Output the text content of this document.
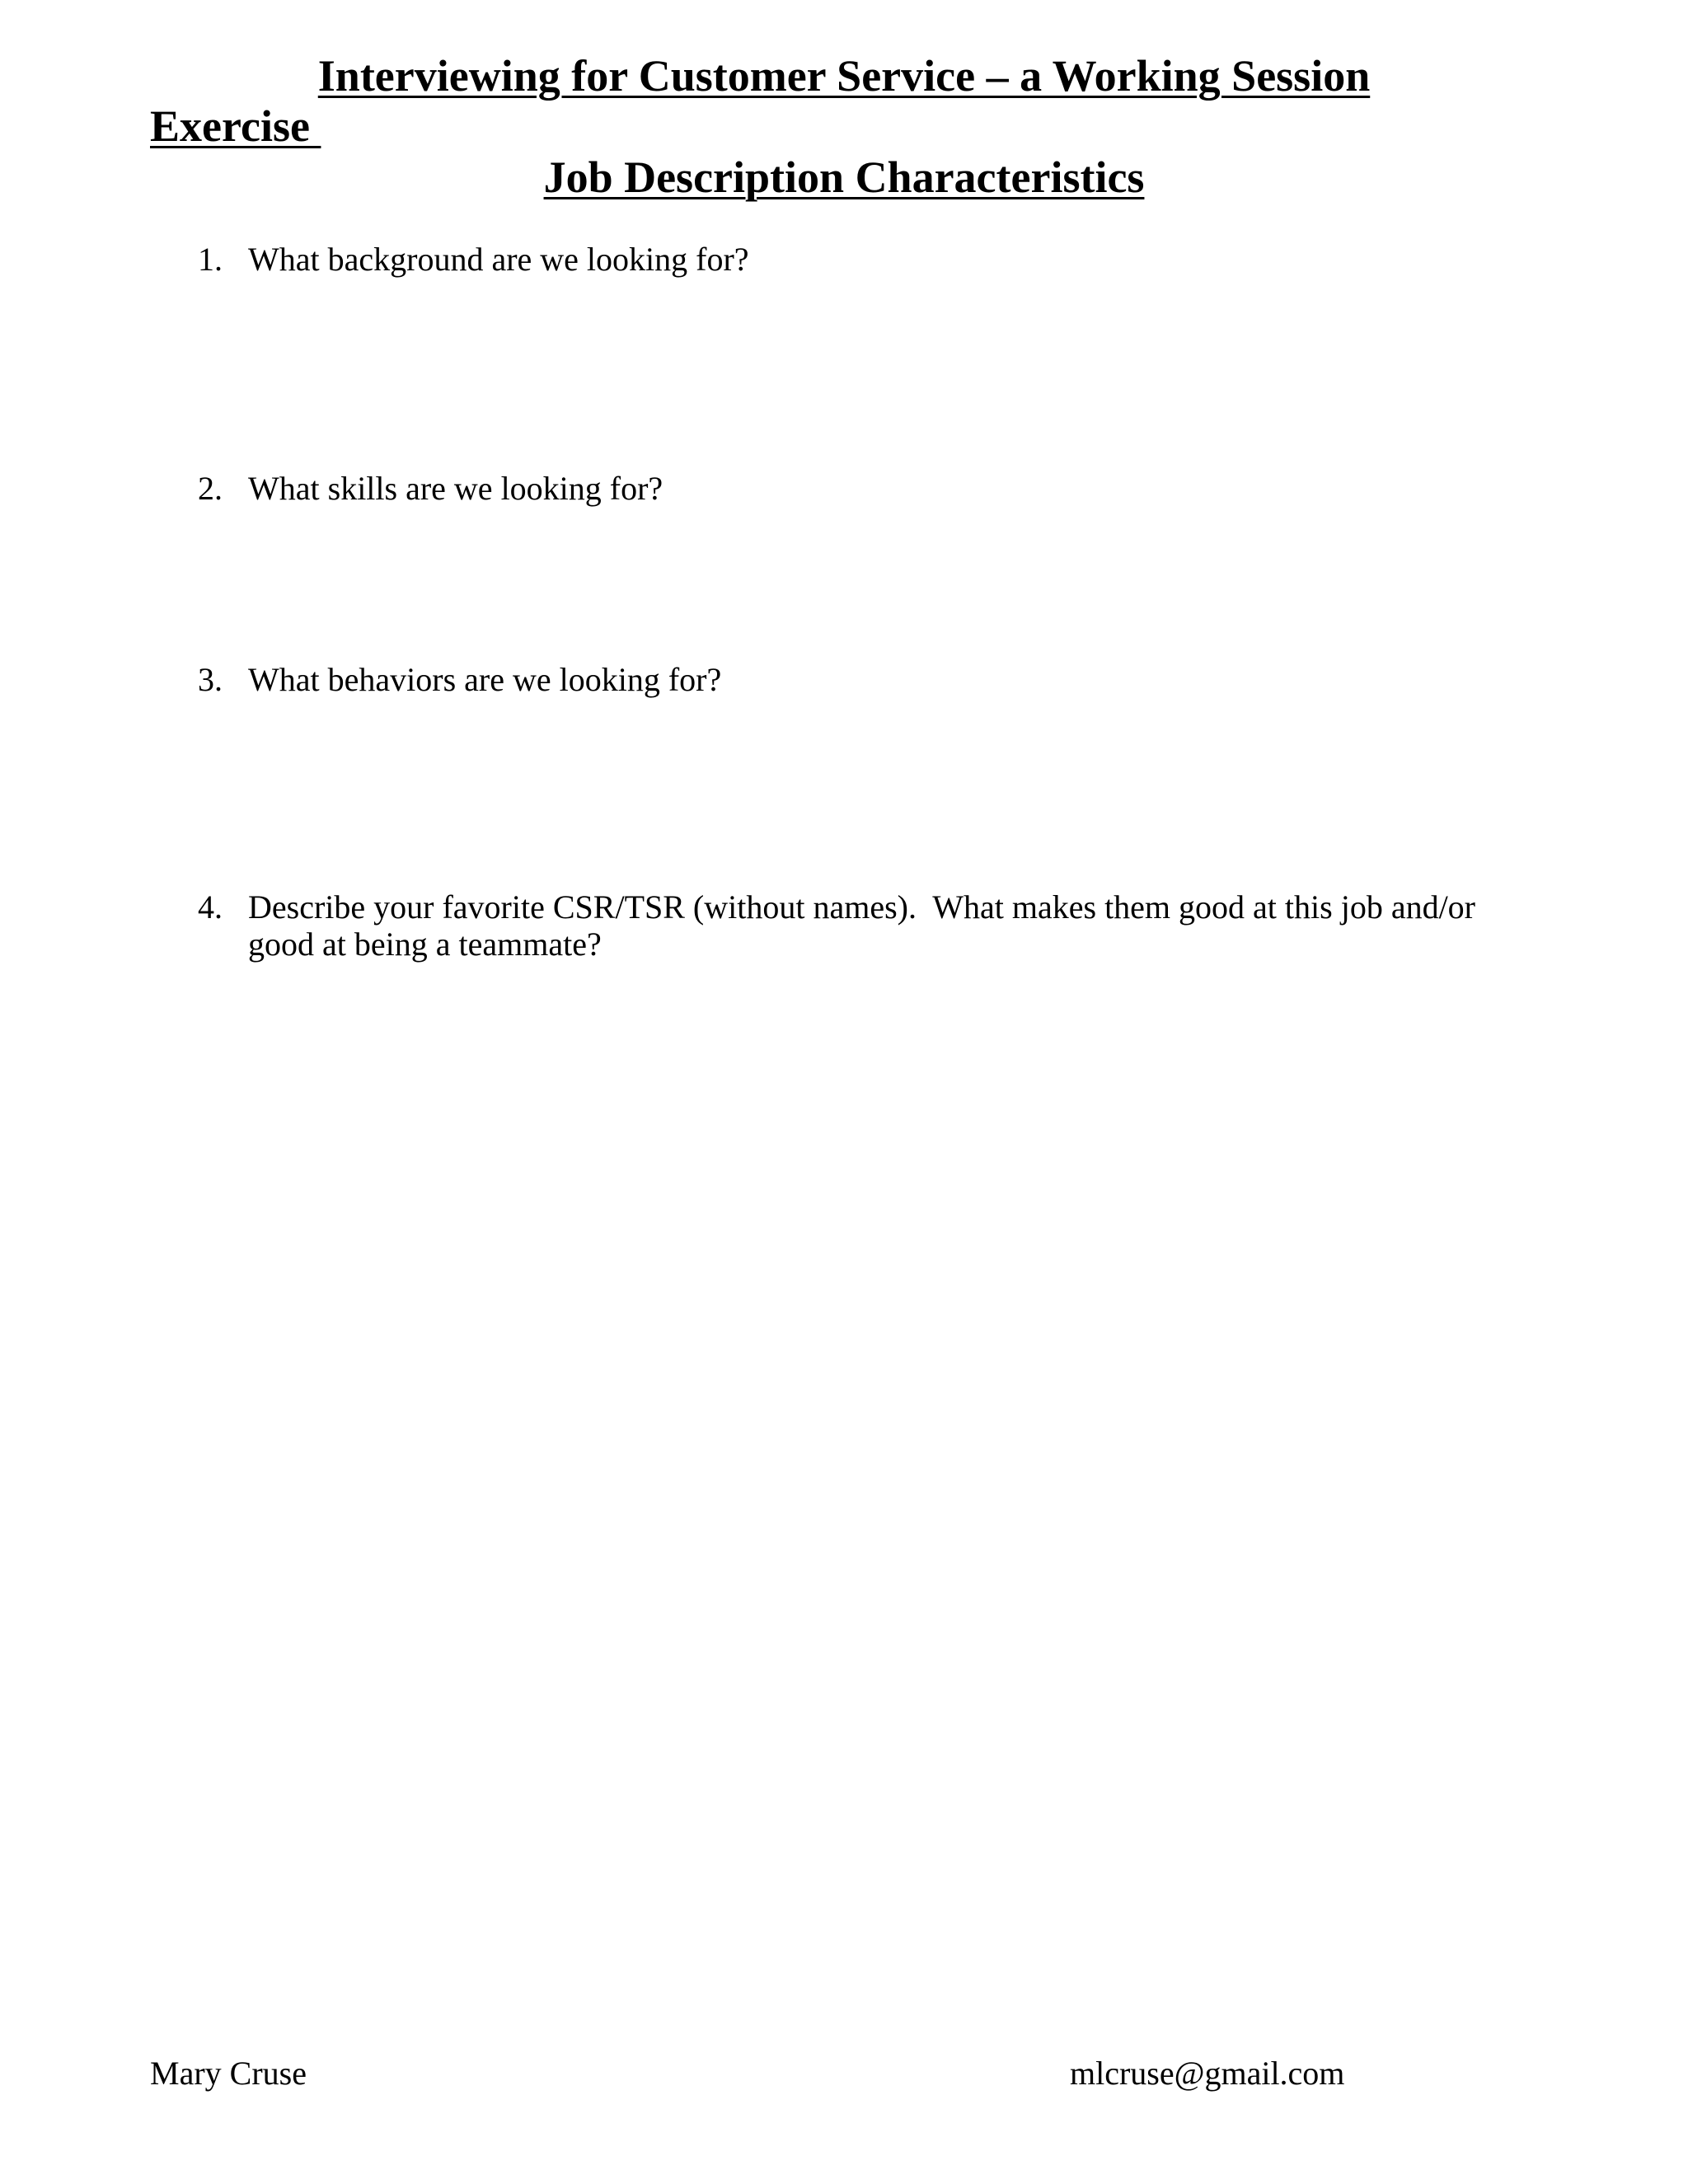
Interviewing for Customer Service – a Working Session
Exercise
Job Description Characteristics
1. What background are we looking for?
2. What skills are we looking for?
3. What behaviors are we looking for?
4. Describe your favorite CSR/TSR (without names).  What makes them good at this job and/or good at being a teammate?
Mary Cruse	mlcruse@gmail.com
